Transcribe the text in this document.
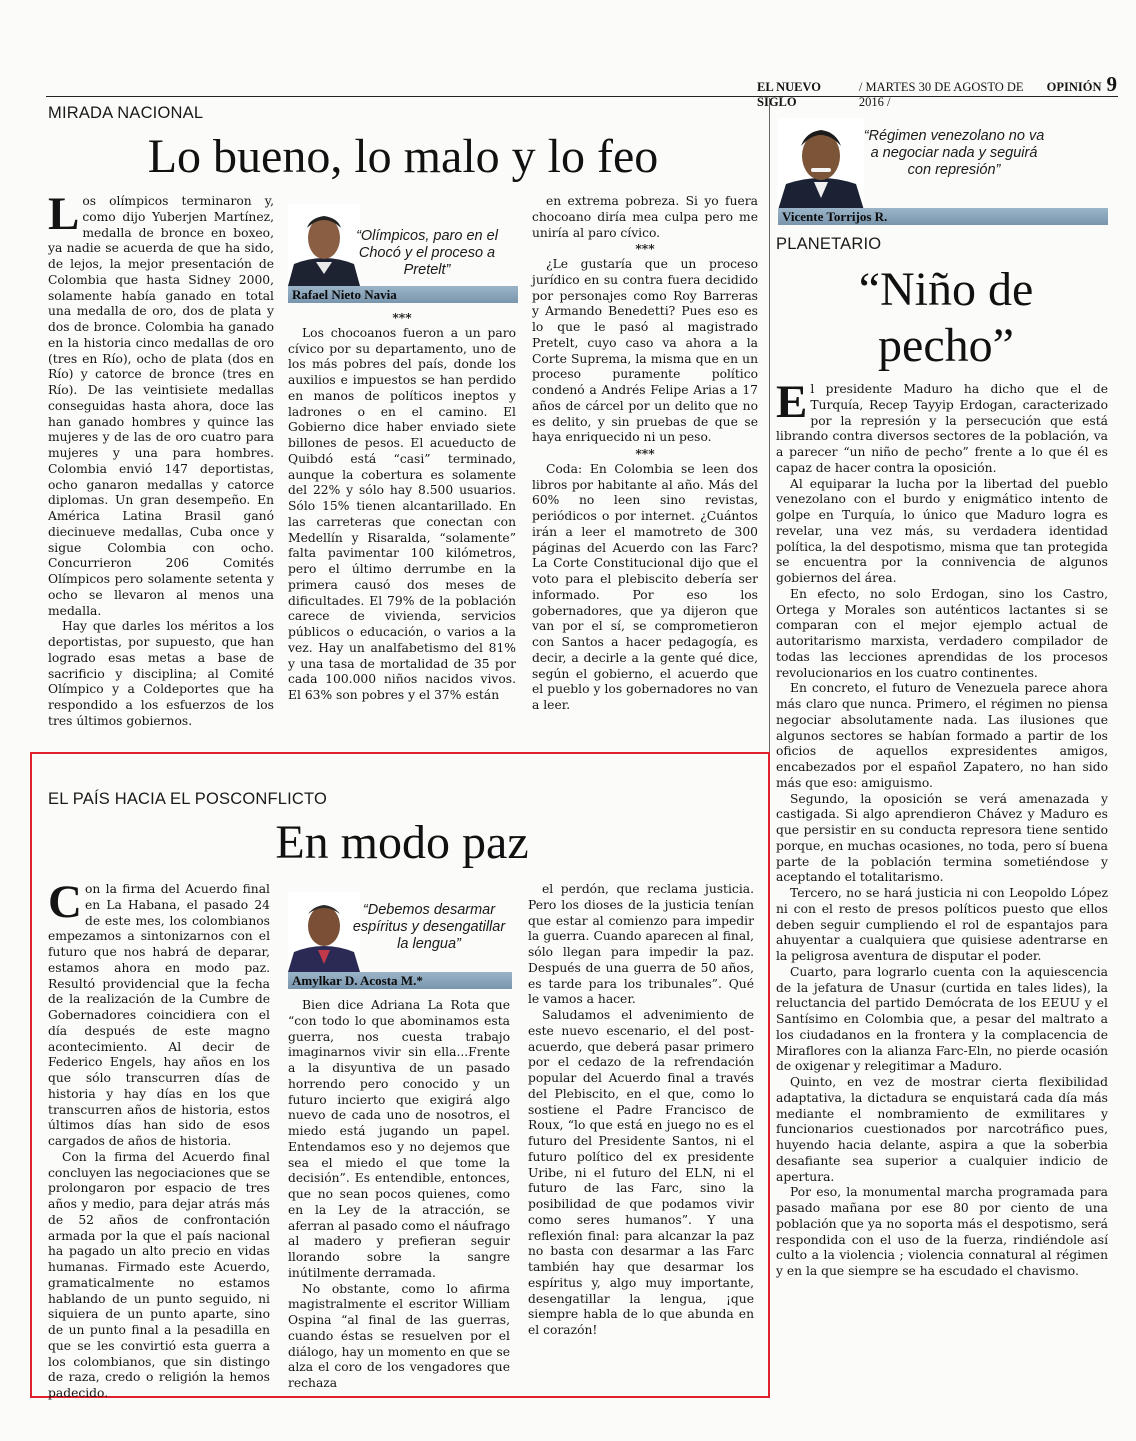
EL NUEVO SIGLO
/ MARTES 30 DE AGOSTO DE 2016 /
OPINIÓN 9
MIRADA NACIONAL
Lo bueno, lo malo y lo feo

Los olímpicos terminaron y, como dijo Yuberjen Martínez, medalla de bronce en boxeo, ya nadie se acuerda de que ha sido, de lejos, la mejor presentación de Colombia que hasta Sidney 2000, solamente había ganado en total una medalla de oro, dos de plata y dos de bronce. Colombia ha ganado en la historia cinco medallas de oro (tres en Río), ocho de plata (dos en Río) y catorce de bronce (tres en Río). De las veintisiete medallas conseguidas hasta ahora, doce las han ganado hombres y quince las mujeres y de las de oro cuatro para mujeres y una para hombres. Colombia envió 147 deportistas, ocho ganaron medallas y catorce diplomas. Un gran desempeño. En América Latina Brasil ganó diecinueve medallas, Cuba once y sigue Colombia con ocho. Concurrieron 206 Comités Olímpicos pero solamente setenta y ocho se llevaron al menos una medalla.

Hay que darles los méritos a los deportistas, por supuesto, que han logrado esas metas a base de sacrificio y disciplina; al Comité Olímpico y a Coldeportes que ha respondido a los esfuerzos de los tres últimos gobiernos.

“Olímpicos, paro en el Chocó y el proceso a Pretelt”
Rafael Nieto Navia

***

Los chocoanos fueron a un paro cívico por su departamento, uno de los más pobres del país, donde los auxilios e impuestos se han perdido en manos de políticos ineptos y ladrones o en el camino. El Gobierno dice haber enviado siete billones de pesos. El acueducto de Quibdó está “casi” terminado, aunque la cobertura es solamente del 22% y sólo hay 8.500 usuarios. Sólo 15% tienen alcantarillado. En las carreteras que conectan con Medellín y Risaralda, “solamente” falta pavimentar 100 kilómetros, pero el último derrumbe en la primera causó dos meses de dificultades. El 79% de la población carece de vivienda, servicios públicos o educación, o varios a la vez. Hay un analfabetismo del 81% y una tasa de mortalidad de 35 por cada 100.000 niños nacidos vivos. El 63% son pobres y el 37% están

en extrema pobreza. Si yo fuera chocoano diría mea culpa pero me uniría al paro cívico.

***

¿Le gustaría que un proceso jurídico en su contra fuera decidido por personajes como Roy Barreras y Armando Benedetti? Pues eso es lo que le pasó al magistrado Pretelt, cuyo caso va ahora a la Corte Suprema, la misma que en un proceso puramente político condenó a Andrés Felipe Arias a 17 años de cárcel por un delito que no es delito, y sin pruebas de que se haya enriquecido ni un peso.

***

Coda: En Colombia se leen dos libros por habitante al año. Más del 60% no leen sino revistas, periódicos o por internet. ¿Cuántos irán a leer el mamotreto de 300 páginas del Acuerdo con las Farc? La Corte Constitucional dijo que el voto para el plebiscito debería ser informado. Por eso los gobernadores, que ya dijeron que van por el sí, se comprometieron con Santos a hacer pedagogía, es decir, a decirle a la gente qué dice, según el gobierno, el acuerdo que el pueblo y los gobernadores no van a leer.

“Régimen venezolano no va a negociar nada y seguirá con represión”
Vicente Torrijos R.
PLANETARIO
“Niño de
pecho”

El presidente Maduro ha dicho que el de Turquía, Recep Tayyip Erdogan, caracterizado por la represión y la persecución que está librando contra diversos sectores de la población, va a parecer “un niño de pecho” frente a lo que él es capaz de hacer contra la oposición.

Al equiparar la lucha por la libertad del pueblo venezolano con el burdo y enigmático intento de golpe en Turquía, lo único que Maduro logra es revelar, una vez más, su verdadera identidad política, la del despotismo, misma que tan protegida se encuentra por la connivencia de algunos gobiernos del área.

En efecto, no solo Erdogan, sino los Castro, Ortega y Morales son auténticos lactantes si se comparan con el mejor ejemplo actual de autoritarismo marxista, verdadero compilador de todas las lecciones aprendidas de los procesos revolucionarios en los cuatro continentes.

En concreto, el futuro de Venezuela parece ahora más claro que nunca. Primero, el régimen no piensa negociar absolutamente nada. Las ilusiones que algunos sectores se habían formado a partir de los oficios de aquellos expresidentes amigos, encabezados por el español Zapatero, no han sido más que eso: amiguismo.

Segundo, la oposición se verá amenazada y castigada. Si algo aprendieron Chávez y Maduro es que persistir en su conducta represora tiene sentido porque, en muchas ocasiones, no toda, pero sí buena parte de la población termina sometiéndose y aceptando el totalitarismo.

Tercero, no se hará justicia ni con Leopoldo López ni con el resto de presos políticos puesto que ellos deben seguir cumpliendo el rol de espantajos para ahuyentar a cualquiera que quisiese adentrarse en la peligrosa aventura de disputar el poder.

Cuarto, para lograrlo cuenta con la aquiescencia de la jefatura de Unasur (curtida en tales lides), la reluctancia del partido Demócrata de los EEUU y el Santísimo en Colombia que, a pesar del maltrato a los ciudadanos en la frontera y la complacencia de Miraflores con la alianza Farc-Eln, no pierde ocasión de oxigenar y relegitimar a Maduro.

Quinto, en vez de mostrar cierta flexibilidad adaptativa, la dictadura se enquistará cada día más mediante el nombramiento de exmilitares y funcionarios cuestionados por narcotráfico pues, huyendo hacia delante, aspira a que la soberbia desafiante sea superior a cualquier indicio de apertura.

Por eso, la monumental marcha programada para pasado mañana por ese 80 por ciento de una población que ya no soporta más el despotismo, será respondida con el uso de la fuerza, rindiéndole así culto a la violencia ; violencia connatural al régimen y en la que siempre se ha escudado el chavismo.

EL PAÍS HACIA EL POSCONFLICTO
En modo paz

Con la firma del Acuerdo final en La Habana, el pasado 24 de este mes, los colombianos empezamos a sintonizarnos con el futuro que nos habrá de deparar, estamos ahora en modo paz. Resultó providencial que la fecha de la realización de la Cumbre de Gobernadores coincidiera con el día después de este magno acontecimiento. Al decir de Federico Engels, hay años en los que sólo transcurren días de historia y hay días en los que transcurren años de historia, estos últimos días han sido de esos cargados de años de historia.

Con la firma del Acuerdo final concluyen las negociaciones que se prolongaron por espacio de tres años y medio, para dejar atrás más de 52 años de confrontación armada por la que el país nacional ha pagado un alto precio en vidas humanas. Firmado este Acuerdo, gramaticalmente no estamos hablando de un punto seguido, ni siquiera de un punto aparte, sino de un punto final a la pesadilla en que se les convirtió esta guerra a los colombianos, que sin distingo de raza, credo o religión la hemos padecido.

“Debemos desarmar espíritus y desengatillar la lengua”
Amylkar D. Acosta M.*

Bien dice Adriana La Rota que “con todo lo que abominamos esta guerra, nos cuesta trabajo imaginarnos vivir sin ella...Frente a la disyuntiva de un pasado horrendo pero conocido y un futuro incierto que exigirá algo nuevo de cada uno de nosotros, el miedo está jugando un papel. Entendamos eso y no dejemos que sea el miedo el que tome la decisión”. Es entendible, entonces, que no sean pocos quienes, como en la Ley de la atracción, se aferran al pasado como el náufrago al madero y prefieran seguir llorando sobre la sangre inútilmente derramada.

No obstante, como lo afirma magistralmente el escritor William Ospina “al final de las guerras, cuando éstas se resuelven por el diálogo, hay un momento en que se alza el coro de los vengadores que rechaza

el perdón, que reclama justicia. Pero los dioses de la justicia tenían que estar al comienzo para impedir la guerra. Cuando aparecen al final, sólo llegan para impedir la paz. Después de una guerra de 50 años, es tarde para los tribunales”. Qué le vamos a hacer.

Saludamos el advenimiento de este nuevo escenario, el del post-acuerdo, que deberá pasar primero por el cedazo de la refrendación popular del Acuerdo final a través del Plebiscito, en el que, como lo sostiene el Padre Francisco de Roux, “lo que está en juego no es el futuro del Presidente Santos, ni el futuro político del ex presidente Uribe, ni el futuro del ELN, ni el futuro de las Farc, sino la posibilidad de que podamos vivir como seres humanos”. Y una reflexión final: para alcanzar la paz no basta con desarmar a las Farc también hay que desarmar los espíritus y, algo muy importante, desengatillar la lengua, ¡que siempre habla de lo que abunda en el corazón!
